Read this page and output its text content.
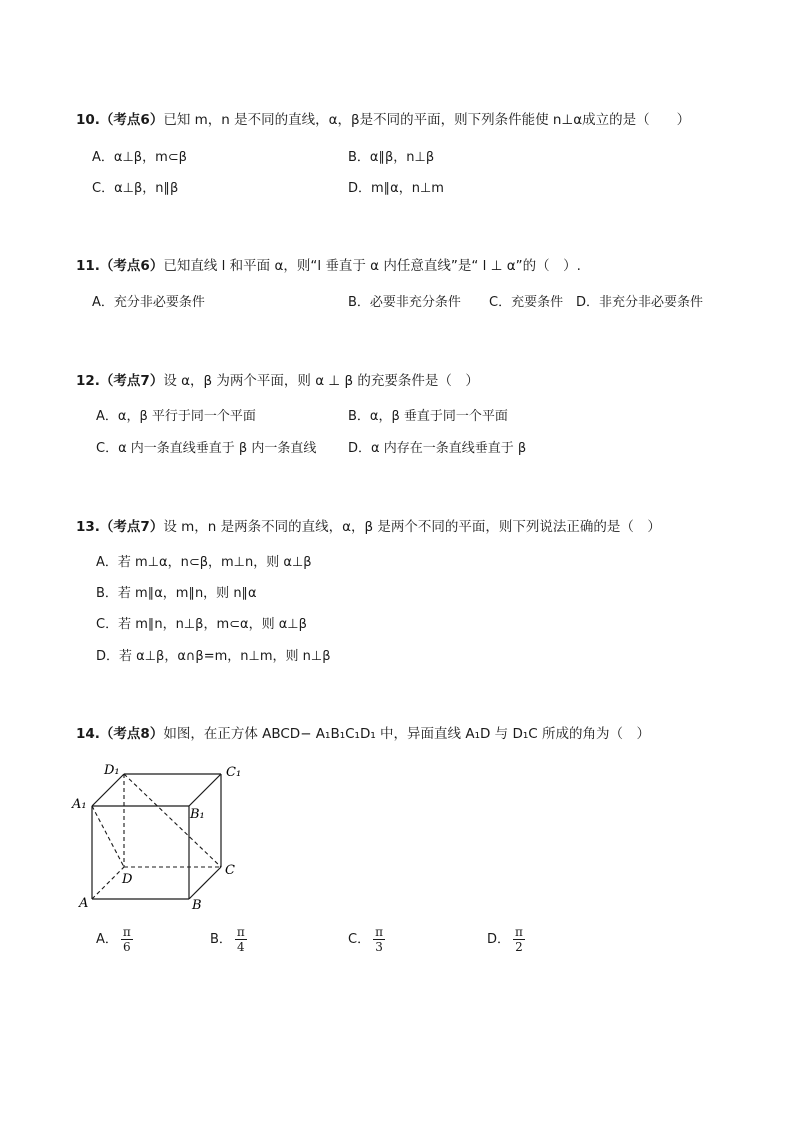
10.（考点6）已知 m，n 是不同的直线，α，β是不同的平面，则下列条件能使 n⊥α成立的是（　　）
A．α⊥β，m⊂β	B．α∥β，n⊥β
C．α⊥β，n∥β	D．m∥α，n⊥m
11.（考点6）已知直线 l 和平面 α，则“l 垂直于 α 内任意直线”是“ l ⊥ α”的（　）.
A．充分非必要条件	B．必要非充分条件 C．充要条件 D．非充分非必要条件
12.（考点7）设 α，β 为两个平面，则 α ⊥ β 的充要条件是（　）
A．α，β 平行于同一个平面	B．α，β 垂直于同一个平面
C．α 内一条直线垂直于 β 内一条直线 D．α 内存在一条直线垂直于 β
13.（考点7）设 m，n 是两条不同的直线，α，β 是两个不同的平面，则下列说法正确的是（　）
A．若 m⊥α，n⊂β，m⊥n，则 α⊥β
B．若 m∥α，m∥n，则 n∥α
C．若 m∥n，n⊥β，m⊂α，则 α⊥β
D．若 α⊥β，α∩β=m，n⊥m，则 n⊥β
14.（考点8）如图，在正方体 ABCD− A₁B₁C₁D₁ 中，异面直线 A₁D 与 D₁C 所成的角为（　）
D₁	C₁
A₁
B₁
D
C
A	B
A． $\frac{\pi}{6}$	B． $\frac{\pi}{4}$	C． $\frac{\pi}{3}$	D． $\frac{\pi}{2}$
